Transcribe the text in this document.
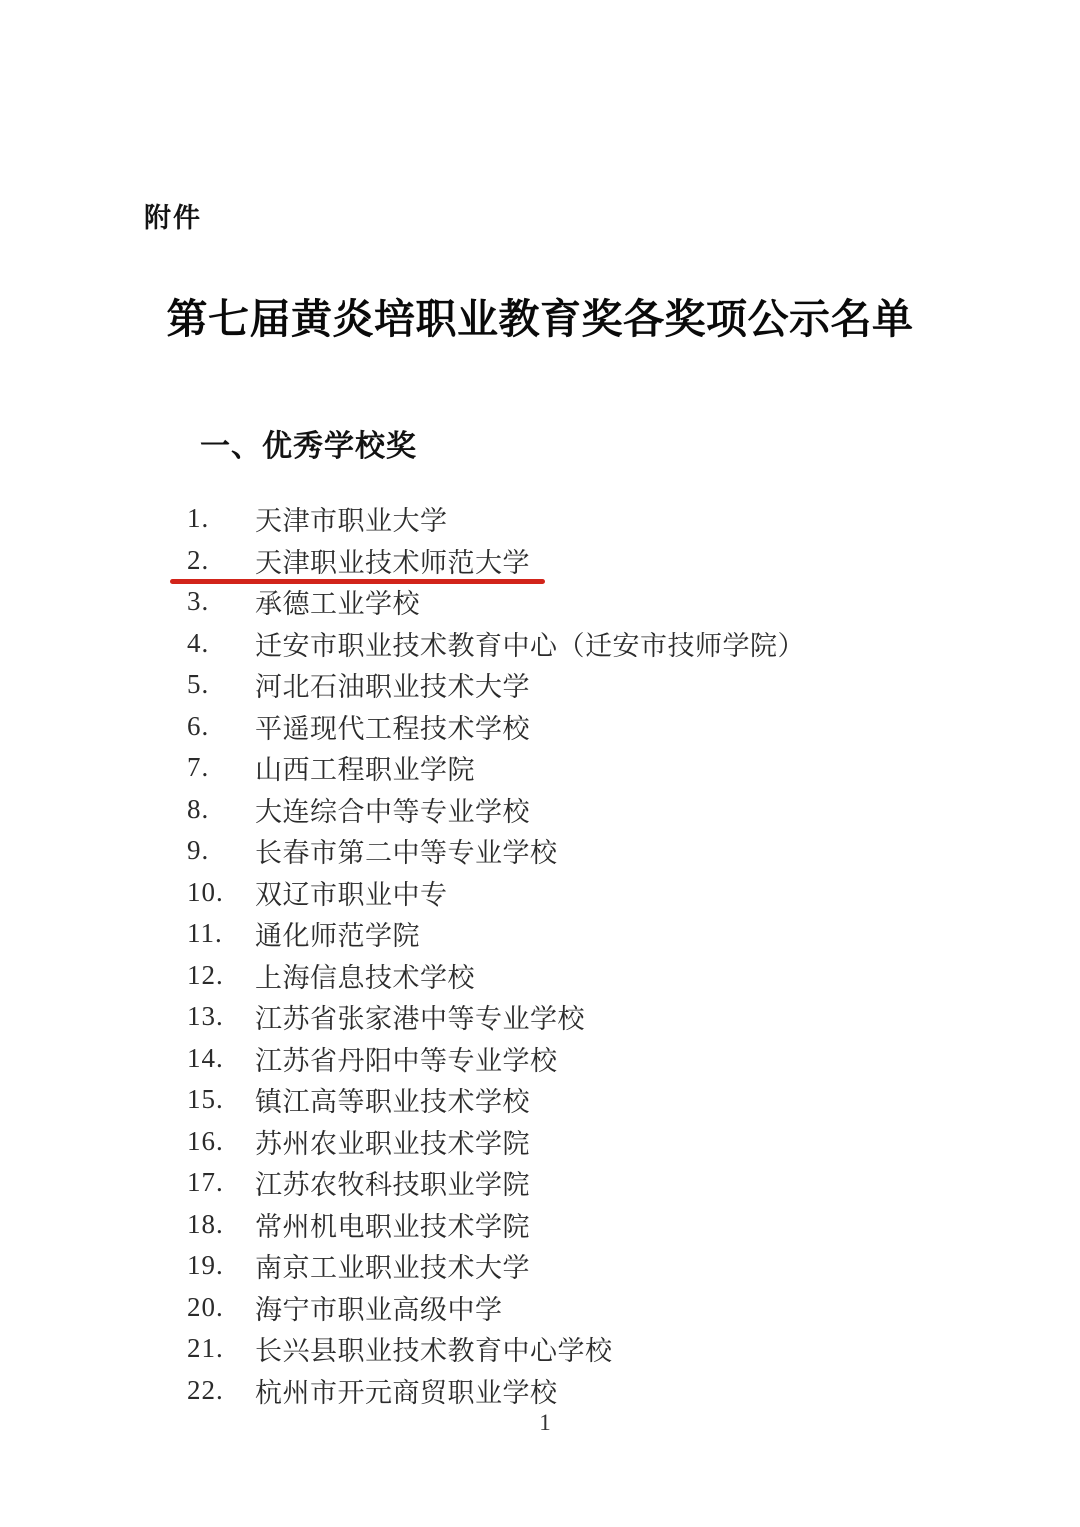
附件
第七届黄炎培职业教育奖各奖项公示名单
一、优秀学校奖
1.	天津市职业大学
2.	天津职业技术师范大学
3.	承德工业学校
4.	迁安市职业技术教育中心（迁安市技师学院）
5.	河北石油职业技术大学
6.	平遥现代工程技术学校
7.	山西工程职业学院
8.	大连综合中等专业学校
9.	长春市第二中等专业学校
10.	双辽市职业中专
11.	通化师范学院
12.	上海信息技术学校
13.	江苏省张家港中等专业学校
14.	江苏省丹阳中等专业学校
15.	镇江高等职业技术学校
16.	苏州农业职业技术学院
17.	江苏农牧科技职业学院
18.	常州机电职业技术学院
19.	南京工业职业技术大学
20.	海宁市职业高级中学
21.	长兴县职业技术教育中心学校
22.	杭州市开元商贸职业学校
1
